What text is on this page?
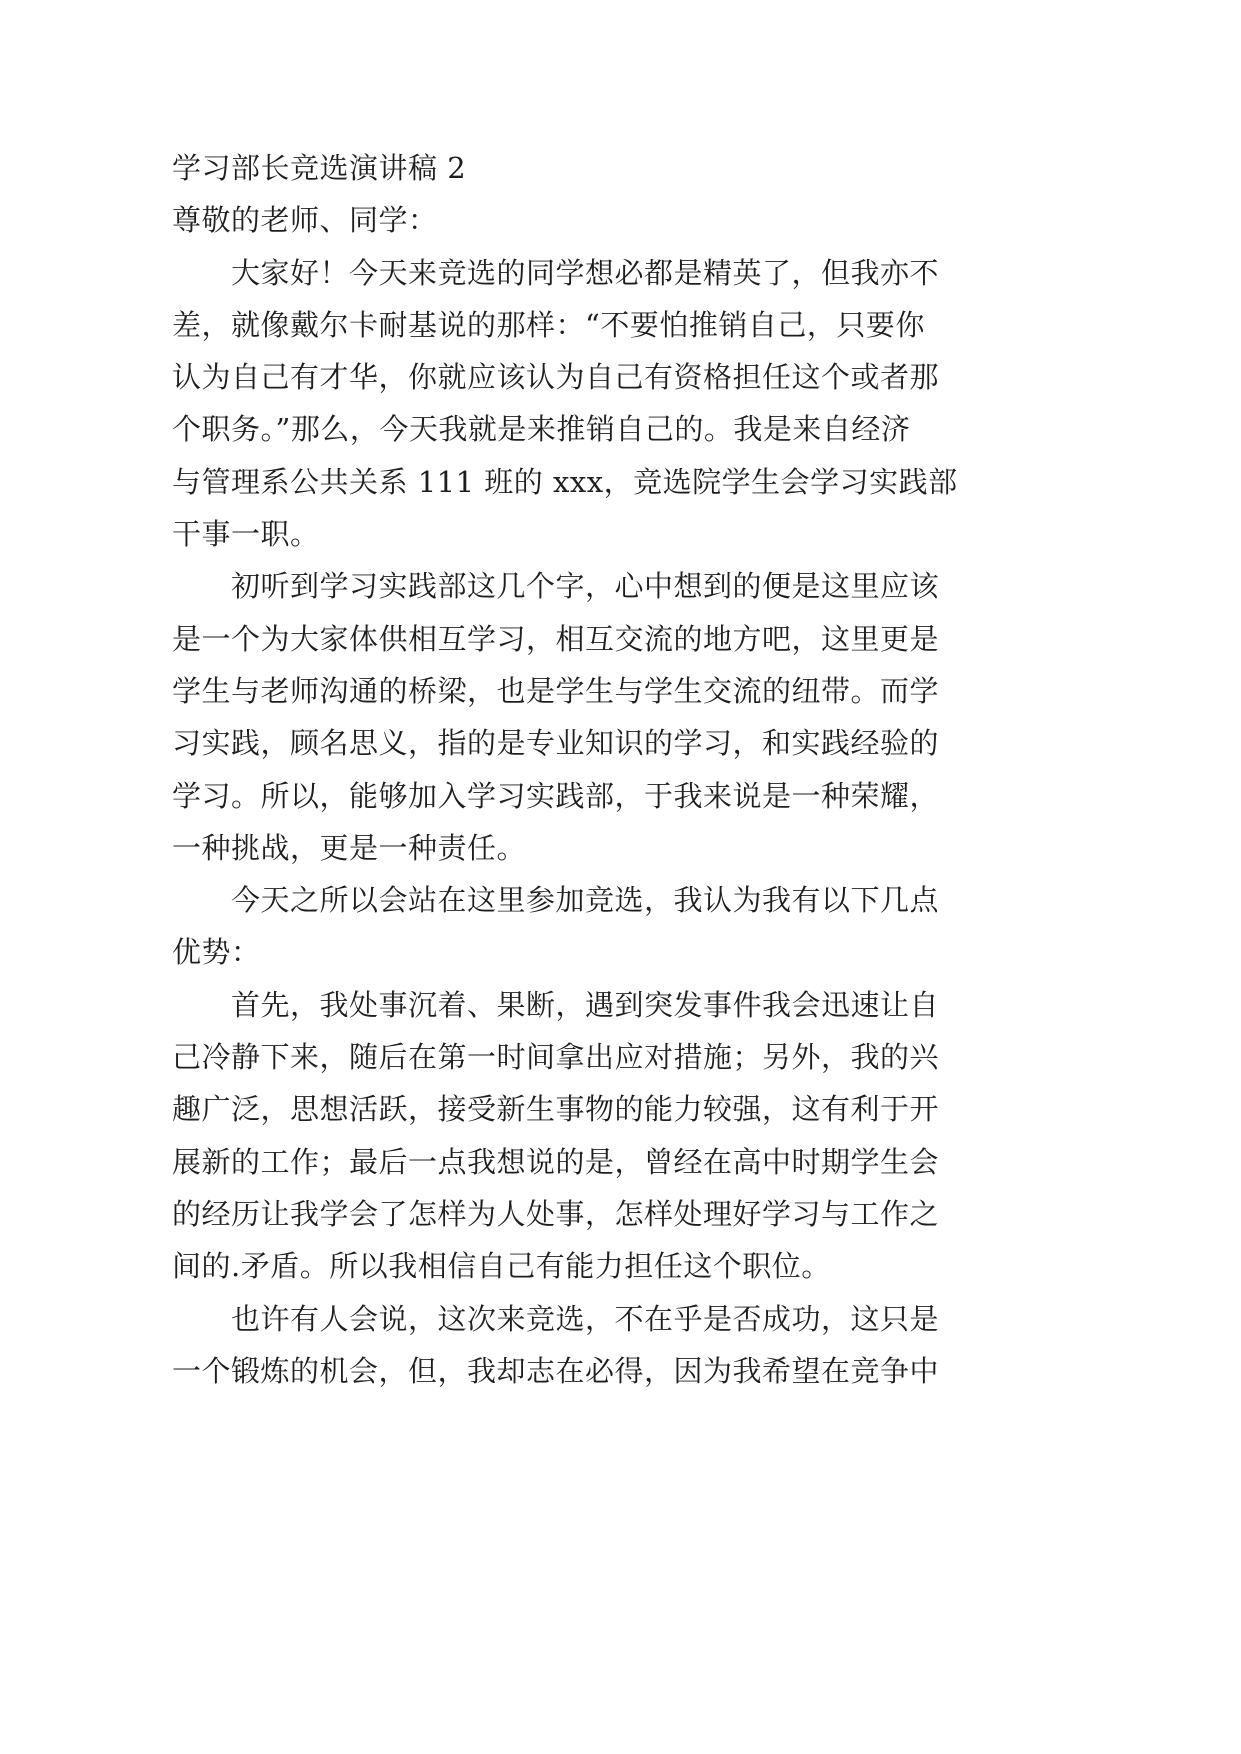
学习部长竞选演讲稿 2
尊敬的老师、同学：
大家好！今天来竞选的同学想必都是精英了，但我亦不
差，就像戴尔卡耐基说的那样：“不要怕推销自己，只要你
认为自己有才华，你就应该认为自己有资格担任这个或者那
个职务。”那么，今天我就是来推销自己的。我是来自经济
与管理系公共关系 111 班的 xxx，竞选院学生会学习实践部
干事一职。
初听到学习实践部这几个字，心中想到的便是这里应该
是一个为大家体供相互学习，相互交流的地方吧，这里更是
学生与老师沟通的桥梁，也是学生与学生交流的纽带。而学
习实践，顾名思义，指的是专业知识的学习，和实践经验的
学习。所以，能够加入学习实践部，于我来说是一种荣耀，
一种挑战，更是一种责任。
今天之所以会站在这里参加竞选，我认为我有以下几点
优势：
首先，我处事沉着、果断，遇到突发事件我会迅速让自
己冷静下来，随后在第一时间拿出应对措施；另外，我的兴
趣广泛，思想活跃，接受新生事物的能力较强，这有利于开
展新的工作；最后一点我想说的是，曾经在高中时期学生会
的经历让我学会了怎样为人处事，怎样处理好学习与工作之
间的.矛盾。所以我相信自己有能力担任这个职位。
也许有人会说，这次来竞选，不在乎是否成功，这只是
一个锻炼的机会，但，我却志在必得，因为我希望在竞争中
